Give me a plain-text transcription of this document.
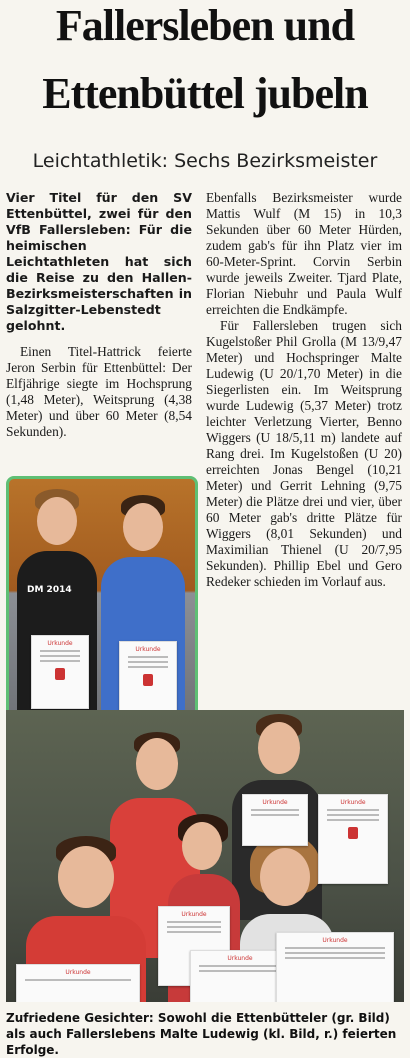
Fallersleben und
Ettenbüttel jubeln
Leichtathletik: Sechs Bezirksmeister

Vier Titel für den SV Ettenbüttel, zwei für den VfB Fallersleben: Für die heimischen Leichtathleten hat sich die Reise zu den Hallen-Bezirksmeisterschaften in Salzgitter-Lebenstedt gelohnt.

Einen Titel-Hattrick feierte Jeron Serbin für Ettenbüttel: Der Elfjährige siegte im Hochsprung (1,48 Meter), Weitsprung (4,38 Meter) und über 60 Meter (8,54 Sekunden).

Ebenfalls Bezirksmeister wurde Mattis Wulf (M 15) in 10,3 Sekunden über 60 Meter Hürden, zudem gab's für ihn Platz vier im 60-Meter-Sprint. Corvin Serbin wurde jeweils Zweiter. Tjard Plate, Florian Niebuhr und Paula Wulf erreichten die Endkämpfe.

Für Fallersleben trugen sich Kugelstoßer Phil Grolla (M 13/9,47 Meter) und Hochspringer Malte Ludewig (U 20/1,70 Meter) in die Siegerlisten ein. Im Weitsprung wurde Ludewig (5,37 Meter) trotz leichter Verletzung Vierter, Benno Wiggers (U 18/5,11 m) landete auf Rang drei. Im Kugelstoßen (U 20) erreichten Jonas Bengel (10,21 Meter) und Gerrit Lehning (9,75 Meter) die Plätze drei und vier, über 60 Meter gab's dritte Plätze für Wiggers (8,01 Sekunden) und Maximilian Thienel (U 20/7,95 Sekunden). Phillip Ebel und Gero Redeker schieden im Vorlauf aus.

DM 2014
Urkunde
Urkunde
Urkunde	Urkunde
Urkunde
Urkunde
Urkunde
Urkunde
Zufriedene Gesichter: Sowohl die Ettenbütteler (gr. Bild) als auch Fallerslebens Malte Ludewig (kl. Bild, r.) feierten Erfolge.
